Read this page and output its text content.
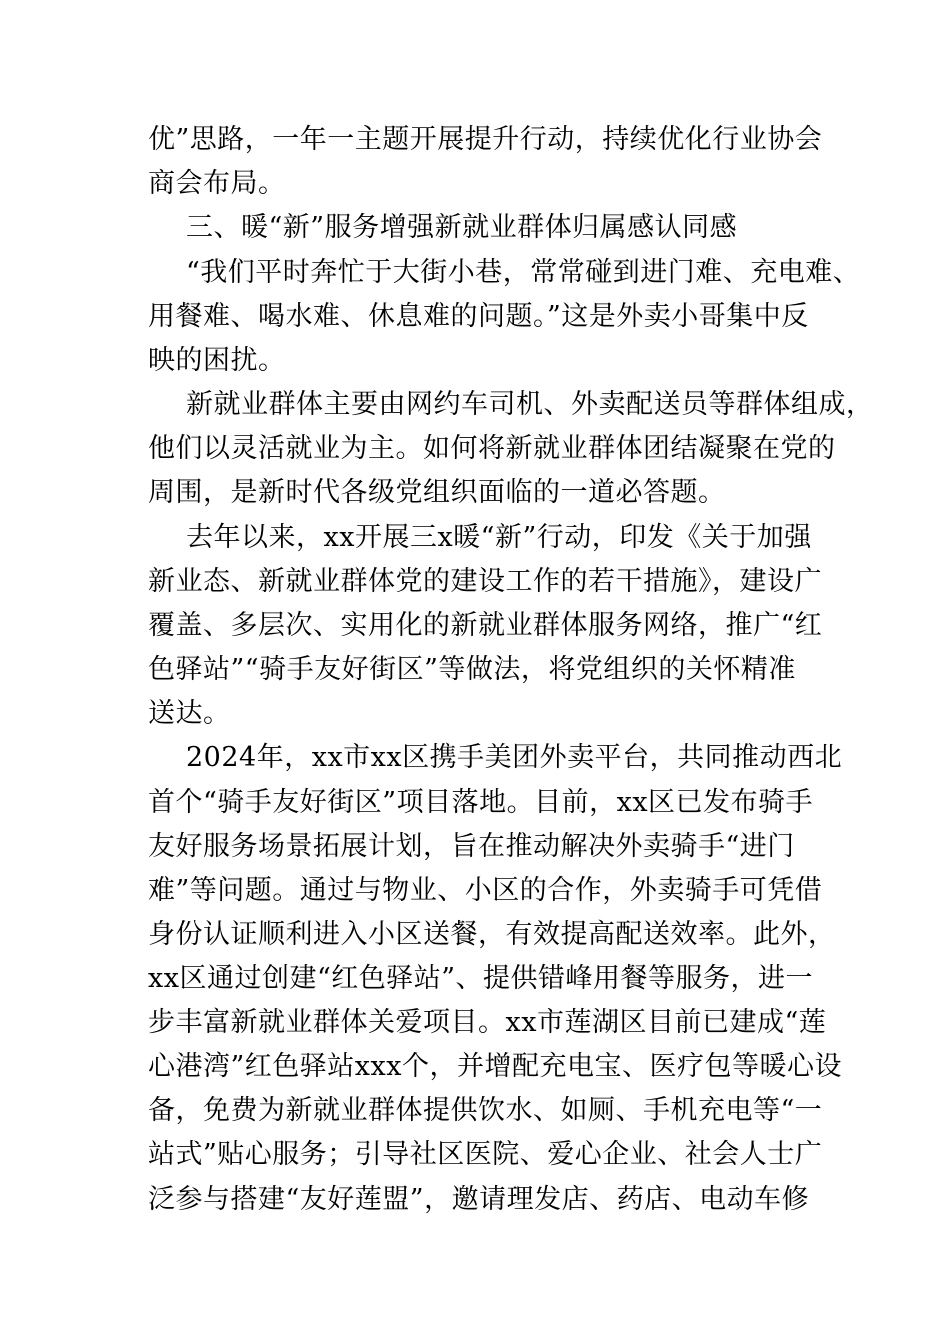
优”思路，一年一主题开展提升行动，持续优化行业协会
商会布局。
三、暖“新”服务增强新就业群体归属感认同感
“我们平时奔忙于大街小巷，常常碰到进门难、充电难、
用餐难、喝水难、休息难的问题。”这是外卖小哥集中反
映的困扰。
新就业群体主要由网约车司机、外卖配送员等群体组成，
他们以灵活就业为主。如何将新就业群体团结凝聚在党的
周围，是新时代各级党组织面临的一道必答题。
去年以来，xx开展三x暖“新”行动，印发《关于加强
新业态、新就业群体党的建设工作的若干措施》，建设广
覆盖、多层次、实用化的新就业群体服务网络，推广“红
色驿站”“骑手友好街区”等做法，将党组织的关怀精准
送达。
2024年，xx市xx区携手美团外卖平台，共同推动西北
首个“骑手友好街区”项目落地。目前，xx区已发布骑手
友好服务场景拓展计划，旨在推动解决外卖骑手“进门
难”等问题。通过与物业、小区的合作，外卖骑手可凭借
身份认证顺利进入小区送餐，有效提高配送效率。此外，
xx区通过创建“红色驿站”、提供错峰用餐等服务，进一
步丰富新就业群体关爱项目。xx市莲湖区目前已建成“莲
心港湾”红色驿站xxx个，并增配充电宝、医疗包等暖心设
备，免费为新就业群体提供饮水、如厕、手机充电等“一
站式”贴心服务；引导社区医院、爱心企业、社会人士广
泛参与搭建“友好莲盟”，邀请理发店、药店、电动车修
